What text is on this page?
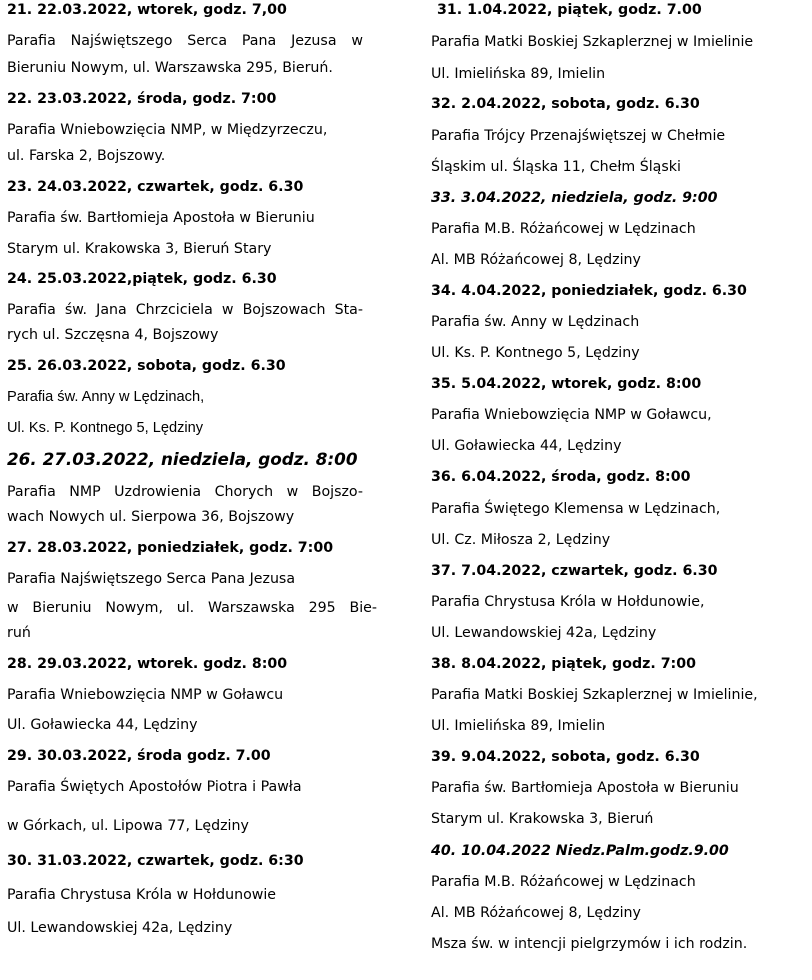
21. 22.03.2022, wtorek, godz. 7,00
Parafia Najświętszego Serca Pana Jezusa w
Bieruniu Nowym, ul. Warszawska 295, Bieruń.
22. 23.03.2022, środa, godz. 7:00
Parafia Wniebowzięcia NMP, w Międzyrzeczu,
ul. Farska 2, Bojszowy.
23. 24.03.2022, czwartek, godz. 6.30
Parafia św. Bartłomieja Apostoła w Bieruniu
Starym ul. Krakowska 3, Bieruń Stary
24. 25.03.2022,piątek, godz. 6.30
Parafia św. Jana Chrzciciela w Bojszowach Sta-
rych ul. Szczęsna 4, Bojszowy
25. 26.03.2022, sobota, godz. 6.30
Parafia św. Anny w Lędzinach,
Ul. Ks. P. Kontnego 5, Lędziny
26. 27.03.2022, niedziela, godz. 8:00
Parafia NMP Uzdrowienia Chorych w Bojszo-
wach Nowych ul. Sierpowa 36, Bojszowy
27. 28.03.2022, poniedziałek, godz. 7:00
Parafia Najświętszego Serca Pana Jezusa
w Bieruniu Nowym, ul. Warszawska 295 Bie-
ruń
28. 29.03.2022, wtorek. godz. 8:00
Parafia Wniebowzięcia NMP w Goławcu
Ul. Goławiecka 44, Lędziny
29. 30.03.2022, środa godz. 7.00
Parafia Świętych Apostołów Piotra i Pawła
w Górkach, ul. Lipowa 77, Lędziny
30. 31.03.2022, czwartek, godz. 6:30
Parafia Chrystusa Króla w Hołdunowie
Ul. Lewandowskiej 42a, Lędziny
31. 1.04.2022, piątek, godz. 7.00
Parafia Matki Boskiej Szkaplerznej w Imielinie
Ul. Imielińska 89, Imielin
32. 2.04.2022, sobota, godz. 6.30
Parafia Trójcy Przenajświętszej w Chełmie
Śląskim ul. Śląska 11, Chełm Śląski
33. 3.04.2022, niedziela, godz. 9:00
Parafia M.B. Różańcowej w Lędzinach
Al. MB Różańcowej 8, Lędziny
34. 4.04.2022, poniedziałek, godz. 6.30
Parafia św. Anny w Lędzinach
Ul. Ks. P. Kontnego 5, Lędziny
35. 5.04.2022, wtorek, godz. 8:00
Parafia Wniebowzięcia NMP w Goławcu,
Ul. Goławiecka 44, Lędziny
36. 6.04.2022, środa, godz. 8:00
Parafia Świętego Klemensa w Lędzinach,
Ul. Cz. Miłosza 2, Lędziny
37. 7.04.2022, czwartek, godz. 6.30
Parafia Chrystusa Króla w Hołdunowie,
Ul. Lewandowskiej 42a, Lędziny
38. 8.04.2022, piątek, godz. 7:00
Parafia Matki Boskiej Szkaplerznej w Imielinie,
Ul. Imielińska 89, Imielin
39. 9.04.2022, sobota, godz. 6.30
Parafia św. Bartłomieja Apostoła w Bieruniu
Starym ul. Krakowska 3, Bieruń
40. 10.04.2022 Niedz.Palm.godz.9.00
Parafia M.B. Różańcowej w Lędzinach
Al. MB Różańcowej 8, Lędziny
Msza św. w intencji pielgrzymów i ich rodzin.
